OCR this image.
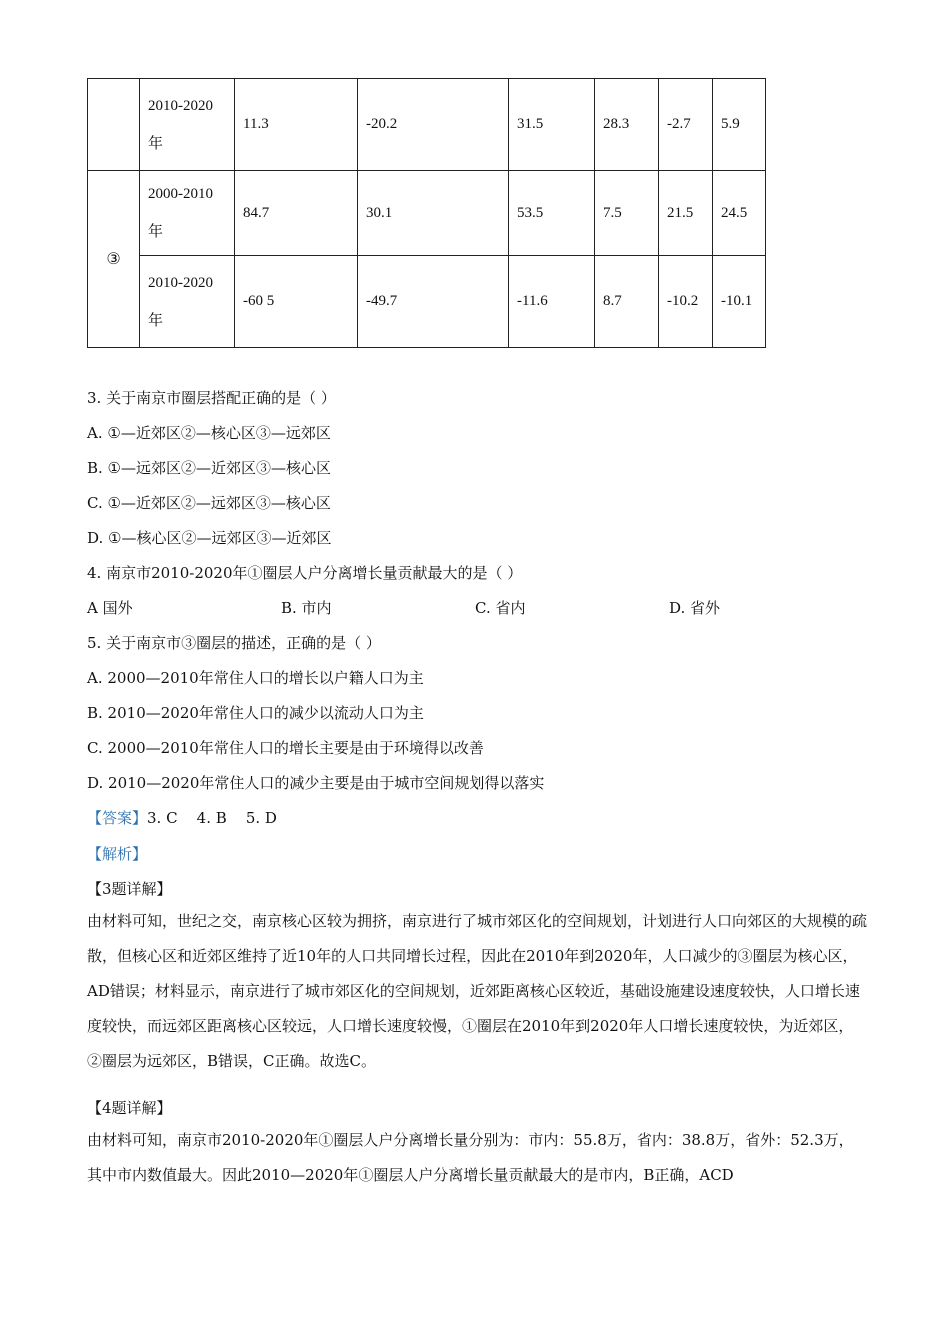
	2010-2020年	11.3	-20.2	31.5	28.3	-2.7	5.9
③	2000-2010年	84.7	30.1	53.5	7.5	21.5	24.5
	2010-2020年	-60 5	-49.7	-11.6	8.7	-10.2	-10.1
3. 关于南京市圈层搭配正确的是（ ）
A. ①—近郊区②—核心区③—远郊区
B. ①—远郊区②—近郊区③—核心区
C. ①—近郊区②—远郊区③—核心区
D. ①—核心区②—远郊区③—近郊区
4. 南京市2010-2020年①圈层人户分离增长量贡献最大的是（ ）
A 国外	B. 市内	C. 省内	D. 省外
5. 关于南京市③圈层的描述，正确的是（ ）
A. 2000—2010年常住人口的增长以户籍人口为主
B. 2010—2020年常住人口的减少以流动人口为主
C. 2000—2010年常住人口的增长主要是由于环境得以改善
D. 2010—2020年常住人口的减少主要是由于城市空间规划得以落实
【答案】3. C    4. B    5. D
【解析】
【3题详解】
由材料可知，世纪之交，南京核心区较为拥挤，南京进行了城市郊区化的空间规划，计划进行人口向郊区的大规模的疏散，但核心区和近郊区维持了近10年的人口共同增长过程，因此在2010年到2020年，人口减少的③圈层为核心区，AD错误；材料显示，南京进行了城市郊区化的空间规划，近郊距离核心区较近，基础设施建设速度较快，人口增长速度较快，而远郊区距离核心区较远，人口增长速度较慢，①圈层在2010年到2020年人口增长速度较快，为近郊区，②圈层为远郊区，B错误，C正确。故选C。
【4题详解】
由材料可知，南京市2010-2020年①圈层人户分离增长量分别为：市内：55.8万，省内：38.8万，省外：52.3万，其中市内数值最大。因此2010—2020年①圈层人户分离增长量贡献最大的是市内，B正确，ACD
